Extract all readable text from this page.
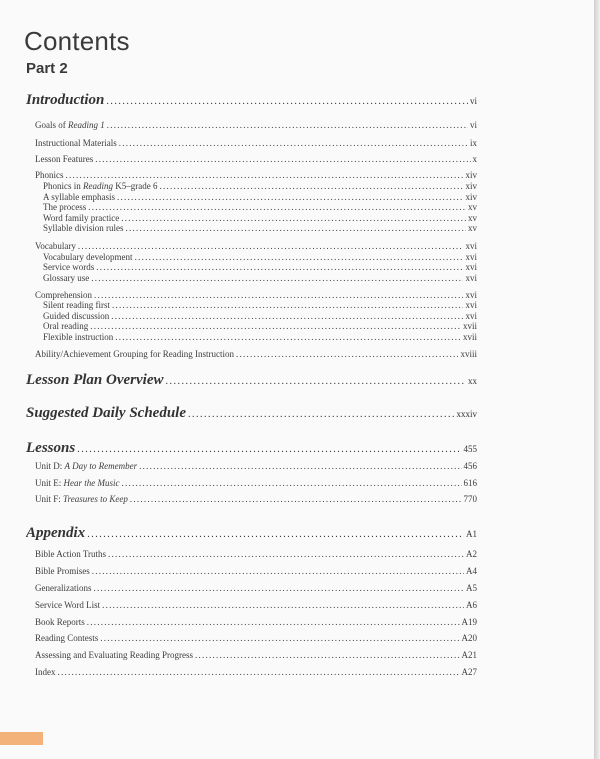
Contents
Part 2
Introduction . . .	vi
Goals of Reading 1 . . .	vi
Instructional Materials . . .	ix
Lesson Features . . .	x
Phonics . . .	xiv
Phonics in Reading K5–grade 6 . . .	xiv
A syllable emphasis . . .	xiv
The process . . .	xv
Word family practice . . .	xv
Syllable division rules . . .	xv
Vocabulary . . .	xvi
Vocabulary development . . .	xvi
Service words . . .	xvi
Glossary use . . .	xvi
Comprehension . . .	xvi
Silent reading first . . .	xvi
Guided discussion . . .	xvi
Oral reading . . .	xvii
Flexible instruction . . .	xvii
Ability/Achievement Grouping for Reading Instruction . . .	xviii
Lesson Plan Overview . . .	xx
Suggested Daily Schedule . . .	xxxiv
Lessons . . .	455
Unit D: A Day to Remember . . .	456
Unit E: Hear the Music . . .	616
Unit F: Treasures to Keep . . .	770
Appendix . . .	A1
Bible Action Truths . . .	A2
Bible Promises . . .	A4
Generalizations . . .	A5
Service Word List . . .	A6
Book Reports . . .	A19
Reading Contests . . .	A20
Assessing and Evaluating Reading Progress . . .	A21
Index . . .	A27
